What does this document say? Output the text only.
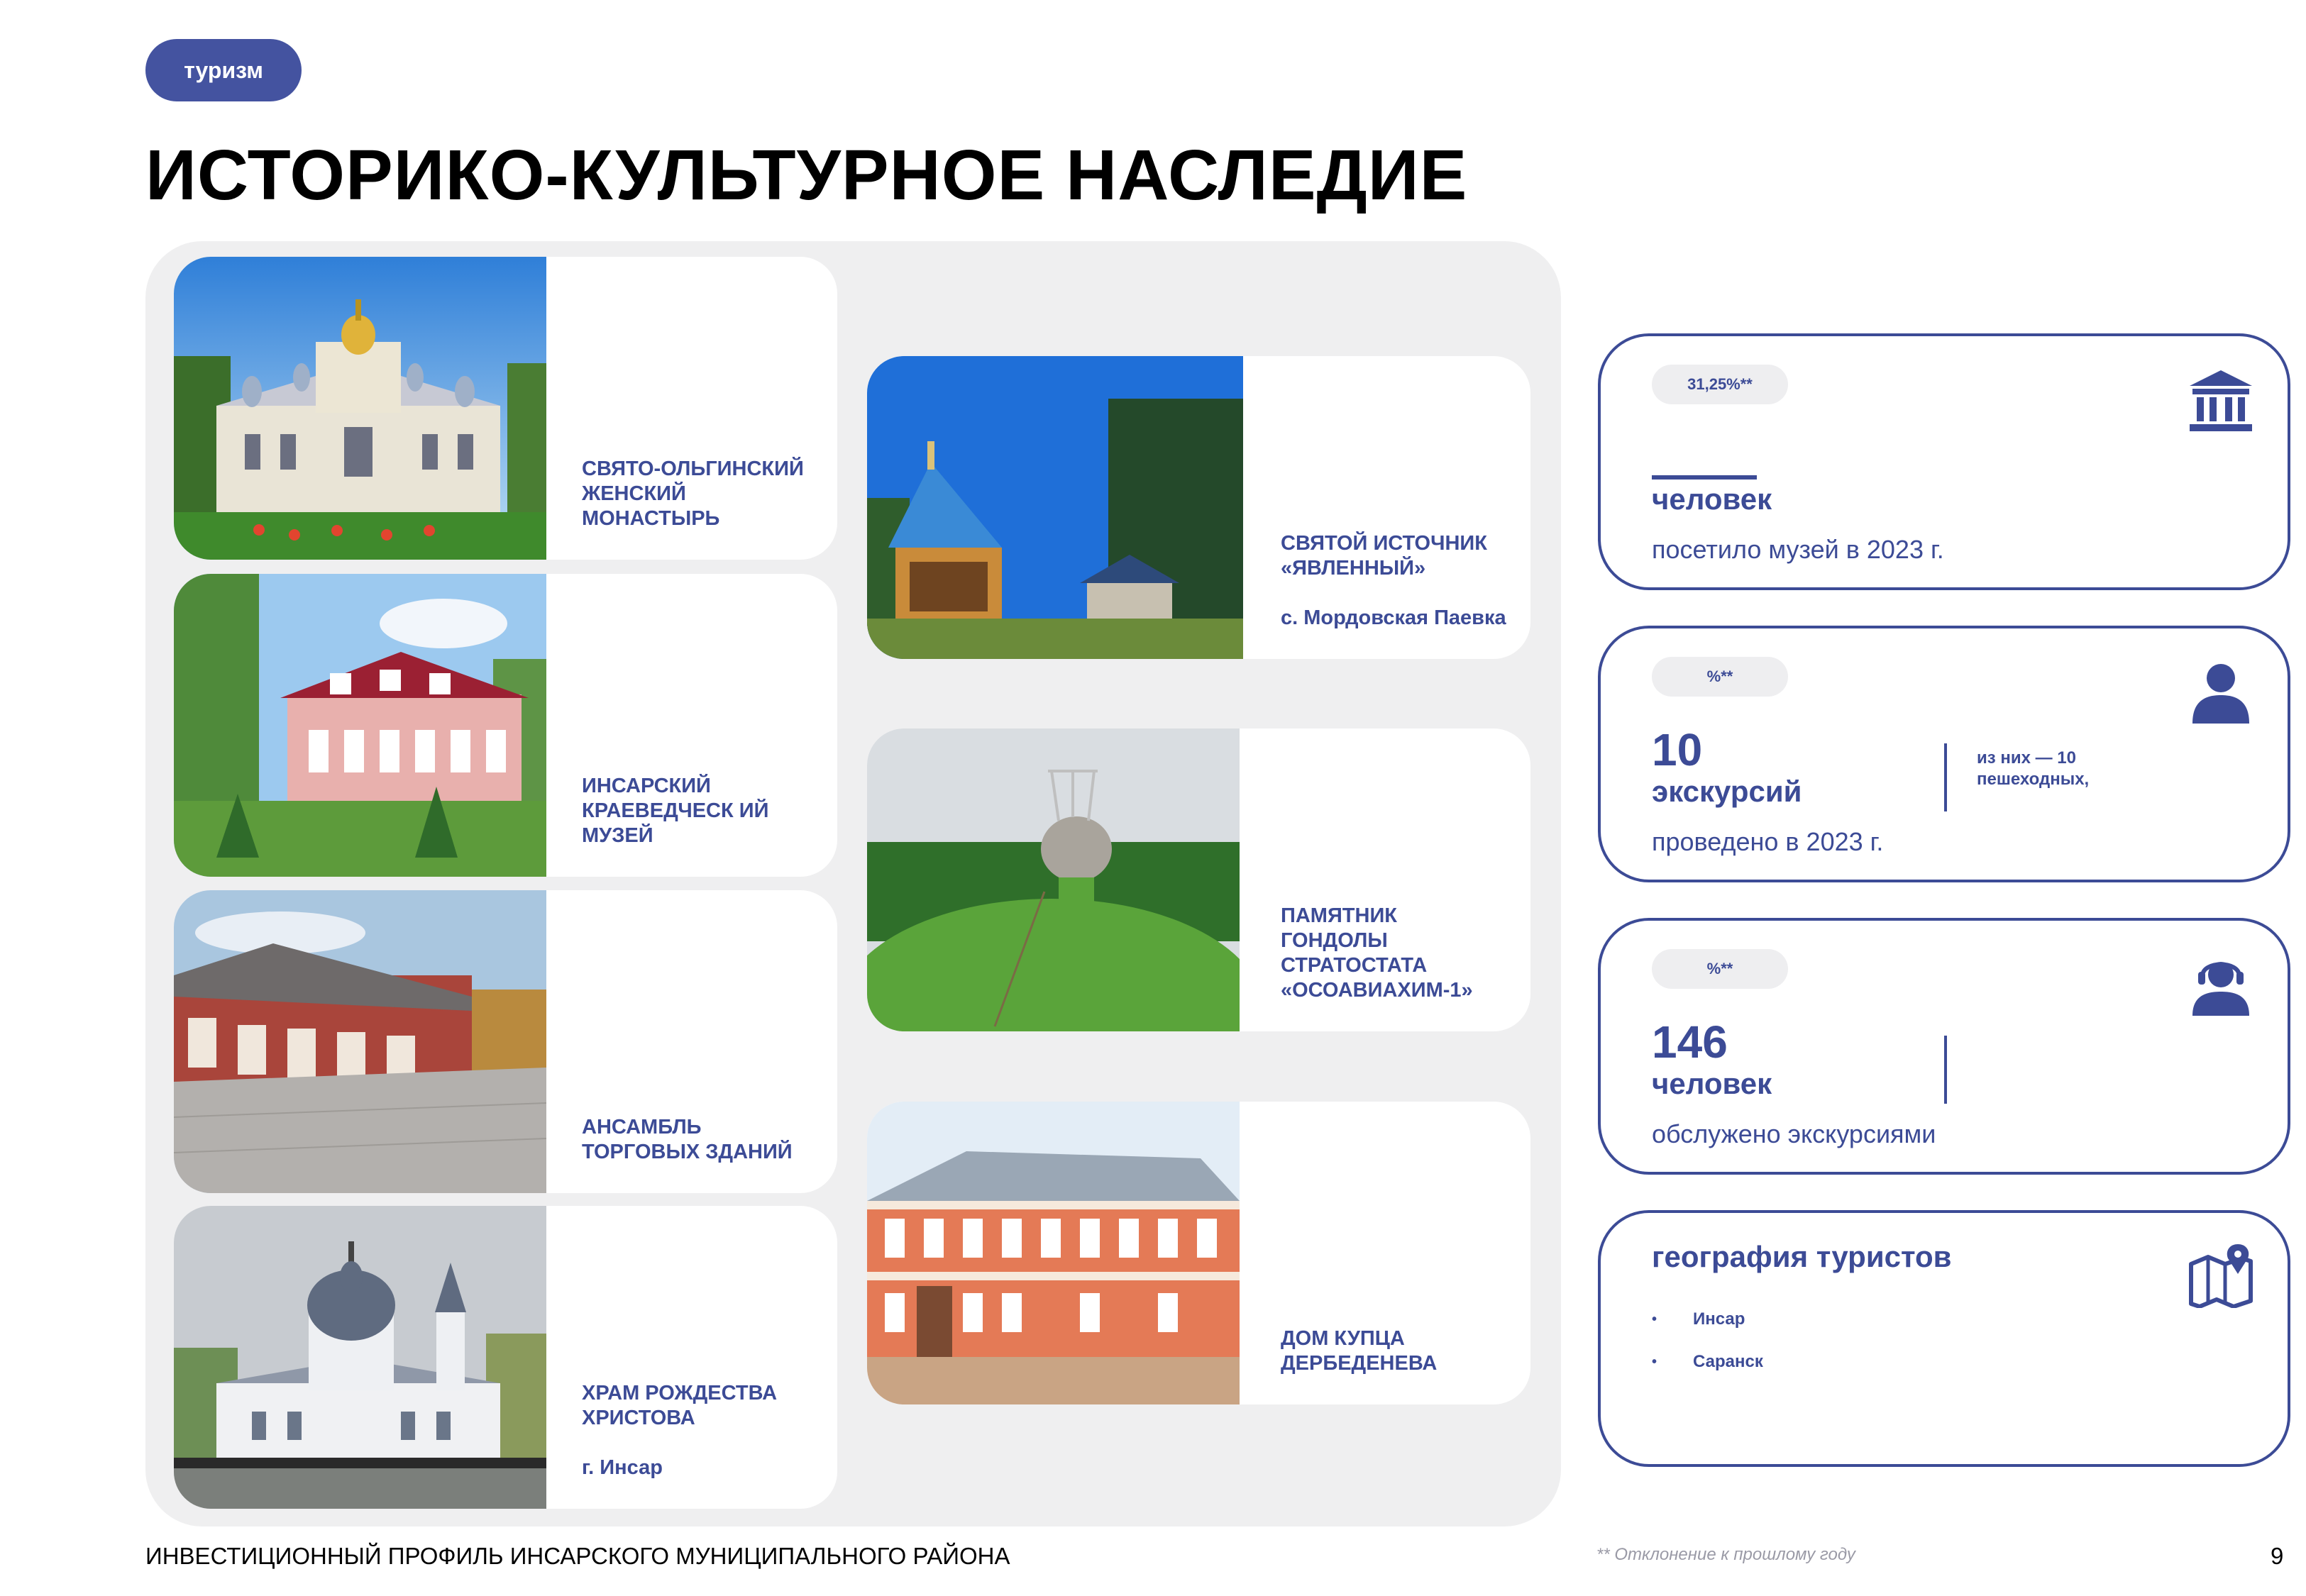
туризм
ИСТОРИКО-КУЛЬТУРНОЕ НАСЛЕДИЕ
СВЯТО-ОЛЬГИНСКИЙ ЖЕНСКИЙ МОНАСТЫРЬ
ИНСАРСКИЙ КРАЕВЕДЧЕСК ИЙ МУЗЕЙ
АНСАМБЛЬ ТОРГОВЫХ ЗДАНИЙ
ХРАМ РОЖДЕСТВА ХРИСТОВА
г. Инсар
СВЯТОЙ ИСТОЧНИК «ЯВЛЕННЫЙ»
с. Мордовская Паевка
ПАМЯТНИК ГОНДОЛЫ СТРАТОСТАТА «ОСОАВИАХИМ-1»
ДОМ КУПЦА ДЕРБЕДЕНЕВА
31,25%**
человек
посетило музей в 2023 г.
%**
10
экскурсий
проведено в 2023 г.
из них — 10 пешеходных,
%**
146
человек
обслужено экскурсиями
география туристов
•	Инсар
•	Саранск
ИНВЕСТИЦИОННЫЙ ПРОФИЛЬ ИНСАРСКОГО МУНИЦИПАЛЬНОГО РАЙОНА	** Отклонение к прошлому году	9
